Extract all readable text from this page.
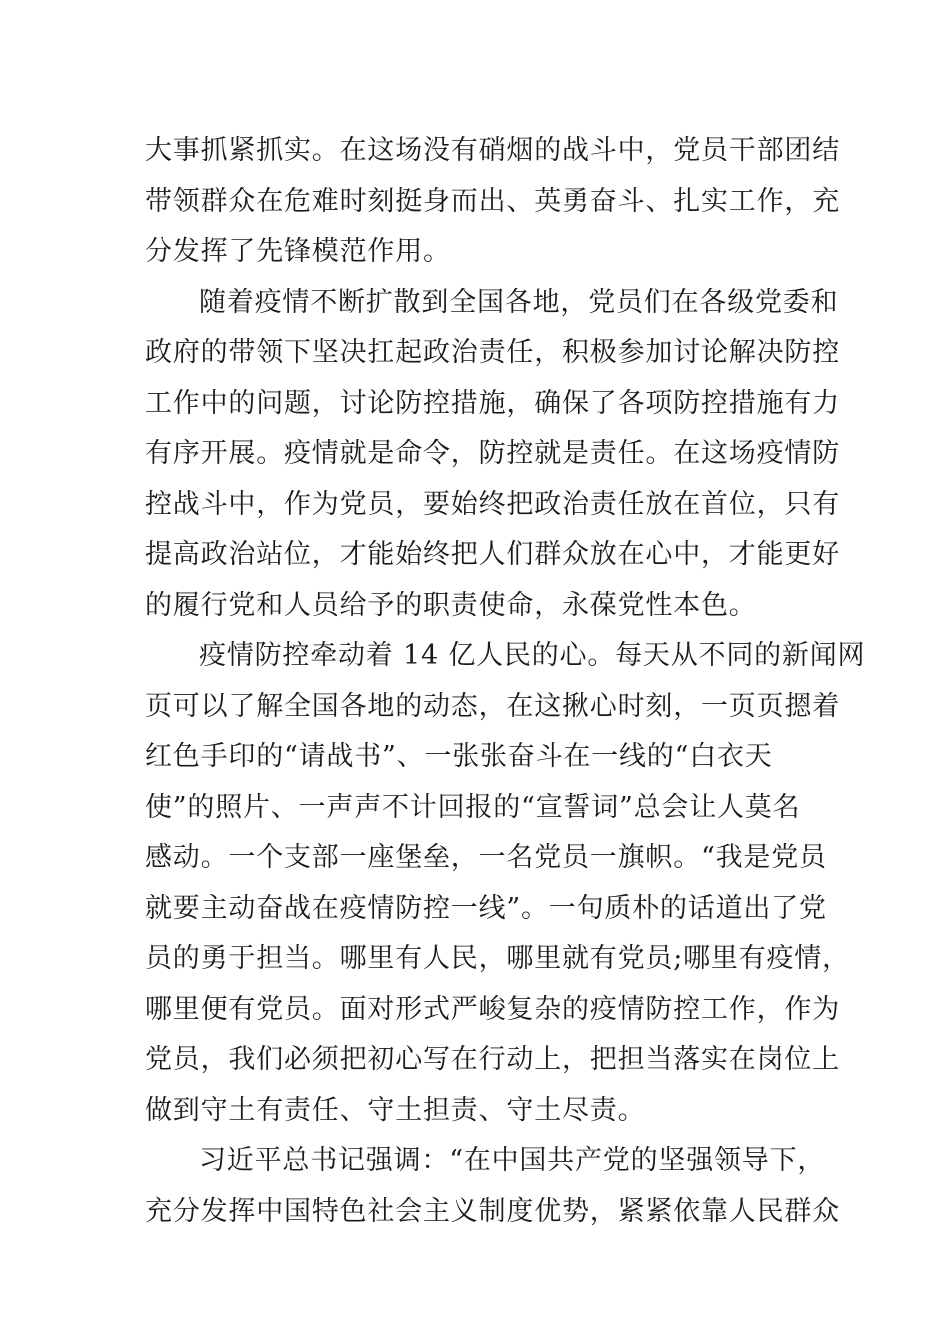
大事抓紧抓实。在这场没有硝烟的战斗中，党员干部团结
带领群众在危难时刻挺身而出、英勇奋斗、扎实工作，充
分发挥了先锋模范作用。
随着疫情不断扩散到全国各地，党员们在各级党委和
政府的带领下坚决扛起政治责任，积极参加讨论解决防控
工作中的问题，讨论防控措施，确保了各项防控措施有力
有序开展。疫情就是命令，防控就是责任。在这场疫情防
控战斗中，作为党员，要始终把政治责任放在首位，只有
提高政治站位，才能始终把人们群众放在心中，才能更好
的履行党和人员给予的职责使命，永葆党性本色。
疫情防控牵动着 14 亿人民的心。每天从不同的新闻网
页可以了解全国各地的动态，在这揪心时刻，一页页摁着
红色手印的“请战书”、一张张奋斗在一线的“白衣天
使”的照片、一声声不计回报的“宣誓词”总会让人莫名
感动。一个支部一座堡垒，一名党员一旗帜。“我是党员
就要主动奋战在疫情防控一线”。一句质朴的话道出了党
员的勇于担当。哪里有人民，哪里就有党员;哪里有疫情，
哪里便有党员。面对形式严峻复杂的疫情防控工作，作为
党员，我们必须把初心写在行动上，把担当落实在岗位上
做到守土有责任、守土担责、守土尽责。
习近平总书记强调：“在中国共产党的坚强领导下，
充分发挥中国特色社会主义制度优势，紧紧依靠人民群众
